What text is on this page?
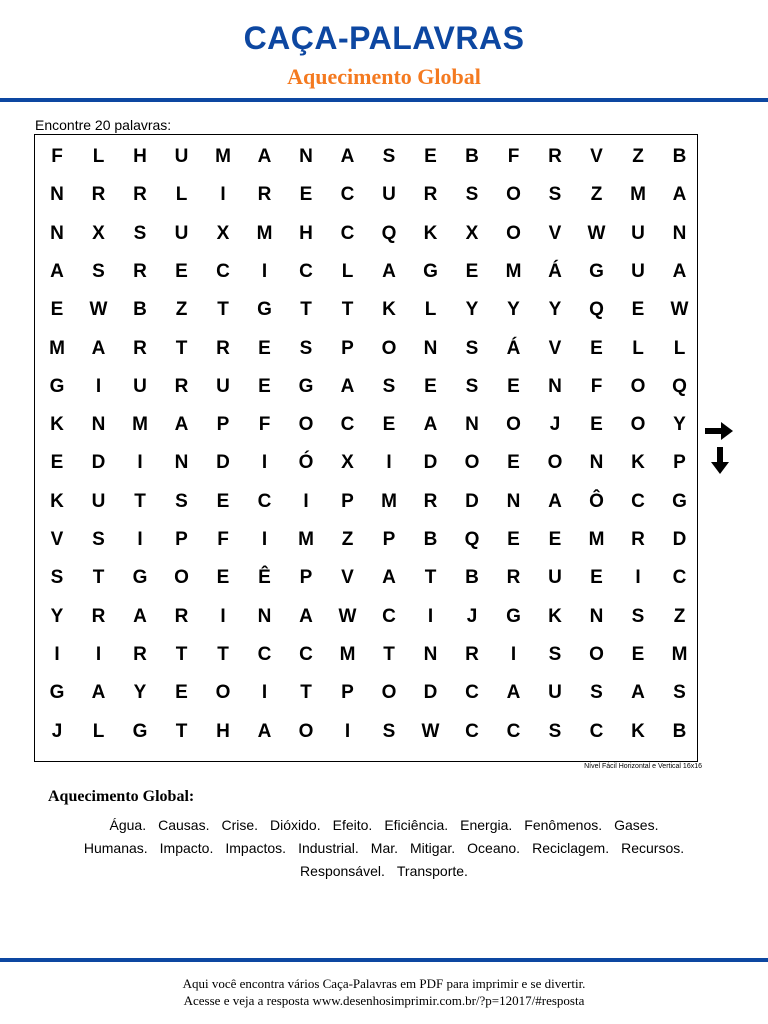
CAÇA-PALAVRAS
Aquecimento Global
Encontre 20 palavras:
F	L	H	U	M	A	N	A	S	E	B	F	R	V	Z	B
N	R	R	L	I	R	E	C	U	R	S	O	S	Z	M	A
N	X	S	U	X	M	H	C	Q	K	X	O	V	W	U	N
A	S	R	E	C	I	C	L	A	G	E	M	Á	G	U	A
E	W	B	Z	T	G	T	T	K	L	Y	Y	Y	Q	E	W
M	A	R	T	R	E	S	P	O	N	S	Á	V	E	L	L
G	I	U	R	U	E	G	A	S	E	S	E	N	F	O	Q
K	N	M	A	P	F	O	C	E	A	N	O	J	E	O	Y
E	D	I	N	D	I	Ó	X	I	D	O	E	O	N	K	P
K	U	T	S	E	C	I	P	M	R	D	N	A	Ô	C	G
V	S	I	P	F	I	M	Z	P	B	Q	E	E	M	R	D
S	T	G	O	E	Ê	P	V	A	T	B	R	U	E	I	C
Y	R	A	R	I	N	A	W	C	I	J	G	K	N	S	Z
I	I	R	T	T	C	C	M	T	N	R	I	S	O	E	M
G	A	Y	E	O	I	T	P	O	D	C	A	U	S	A	S
J	L	G	T	H	A	O	I	S	W	C	C	S	C	K	B
Nível Fácil Horizontal e Vertical 16x16
Aquecimento Global:
Água. Causas. Crise. Dióxido. Efeito. Eficiência. Energia. Fenômenos. Gases.
Humanas. Impacto. Impactos. Industrial. Mar. Mitigar. Oceano. Reciclagem. Recursos.
Responsável. Transporte.
Aqui você encontra vários Caça-Palavras em PDF para imprimir e se divertir.
Acesse e veja a resposta www.desenhosimprimir.com.br/?p=12017/#resposta
